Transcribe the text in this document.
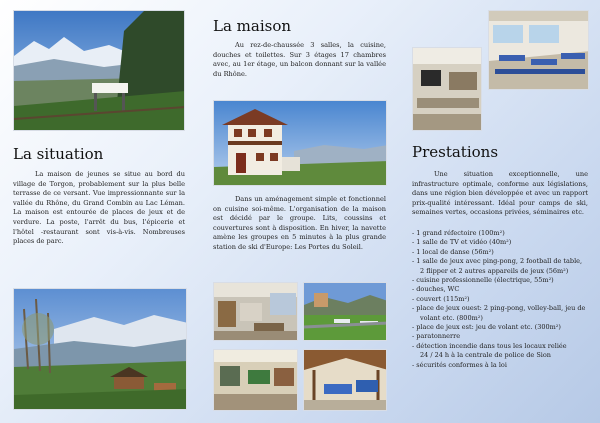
La situation

La maison de jeunes se situe au bord du village de Torgon, probablement sur la plus belle terrasse de ce versant. Vue impressionnante sur la vallée du Rhône, du Grand Combin au Lac Léman. La maison est entourée de places de jeux et de verdure. La poste, l'arrêt du bus, l'épicerie et l'hôtel -restaurant sont vis-à-vis. Nombreuses places de parc.

La maison

Au rez-de-chaussée 3 salles, la cuisine, douches et toilettes. Sur 3 étages 17 chambres avec, au 1er étage, un balcon donnant sur la vallée du Rhône.

Dans un aménagement simple et fonctionnel on cuisine soi-même. L'organisation de la maison est décidé par le groupe. Lits, coussins et couvertures sont à disposition. En hiver, la navette amène les groupes en 5 minutes à la plus grande station de ski d'Europe: Les Portes du Soleil.

Prestations

Une situation exceptionnelle, une infrastructure optimale, conforme aux législations, dans une région bien développée et avec un rapport prix-qualité intéressant. Idéal pour camps de ski, semaines vertes, occasions privées, séminaires etc.

- 1 grand réfectoire (100m²)
- 1 salle de TV et vidéo (40m²)
- 1 local de danse (56m²)
- 1 salle de jeux avec ping-pong, 2 football de table,
2 flipper et 2 autres appareils de jeux (56m²)
- cuisine professionnelle (électrique, 55m²)
- douches, WC
- couvert (115m²)
- place de jeux ouest: 2 ping-pong, volley-ball, jeu de
volant etc. (800m²)
- place de jeux est: jeu de volant etc. (300m²)
- paratonnerre
- détection incendie dans tous les locaux reliée
24 / 24 h à la centrale de police de Sion
- sécurités conformes à la loi
